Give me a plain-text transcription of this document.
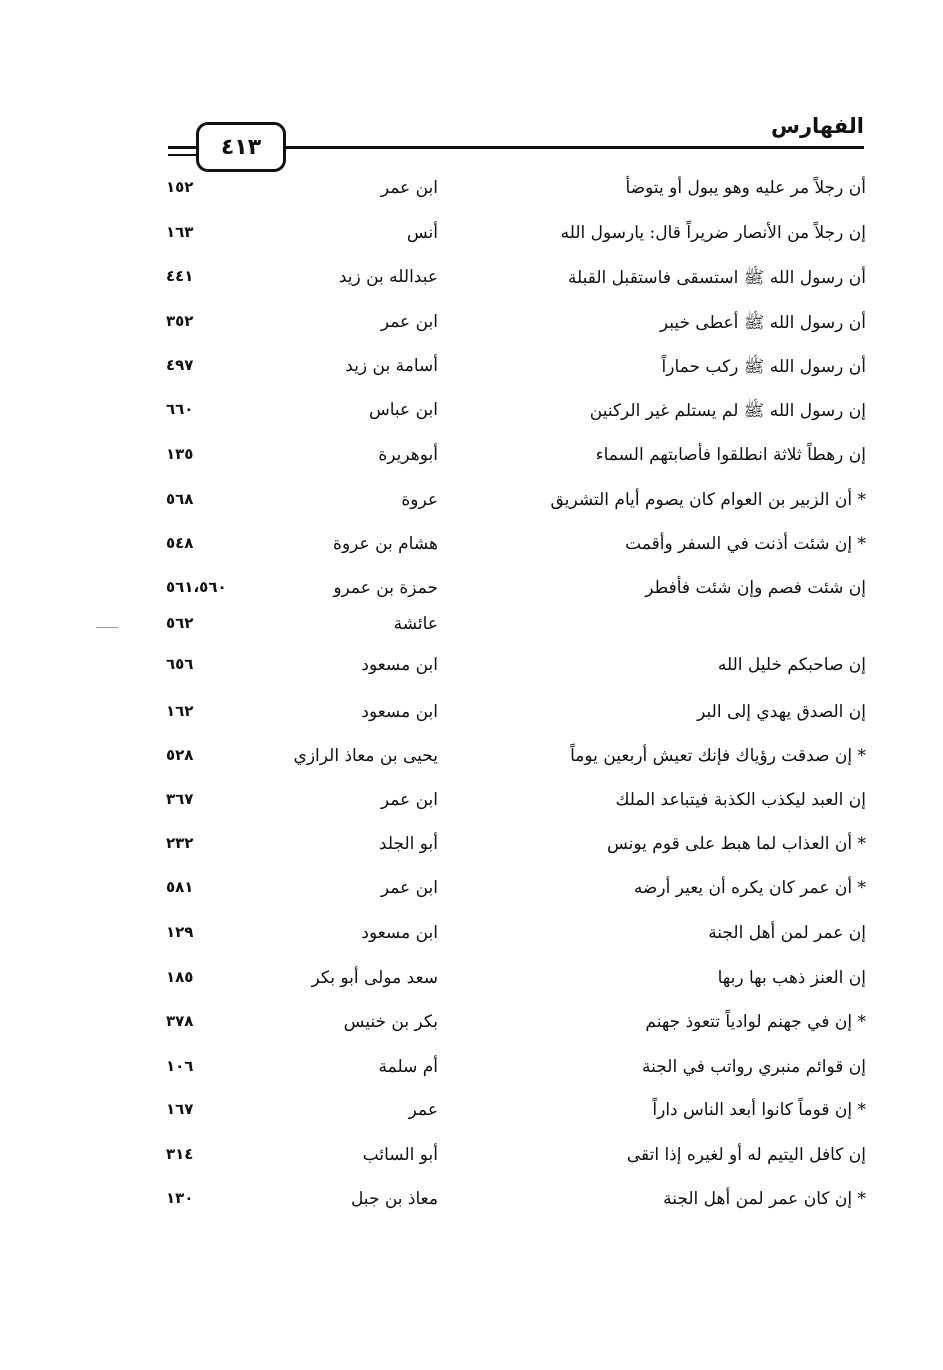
الفهارس
٤١٣
أن رجلاً مر عليه وهو يبول أو يتوضأ
ابن عمر
١٥٢
إن رجلاً من الأنصار ضريراً قال: يارسول الله
أنس
١٦٣
أن رسول الله ﷺ استسقى فاستقبل القبلة
عبدالله بن زيد
٤٤١
أن رسول الله ﷺ أعطى خيبر
ابن عمر
٣٥٢
أن رسول الله ﷺ ركب حماراً
أسامة بن زيد
٤٩٧
إن رسول الله ﷺ لم يستلم غير الركنين
ابن عباس
٦٦٠
إن رهطاً ثلاثة انطلقوا فأصابتهم السماء
أبوهريرة
١٣٥
* أن الزبير بن العوام كان يصوم أيام التشريق
عروة
٥٦٨
* إن شئت أذنت في السفر وأقمت
هشام بن عروة
٥٤٨
إن شئت فصم وإن شئت فأفطر
حمزة بن عمرو
٥٦١،٥٦٠
عائشة
٥٦٢
إن صاحبكم خليل الله
ابن مسعود
٦٥٦
إن الصدق يهدي إلى البر
ابن مسعود
١٦٢
* إن صدقت رؤياك فإنك تعيش أربعين يوماً
يحيى بن معاذ الرازي
٥٢٨
إن العبد ليكذب الكذبة فيتباعد الملك
ابن عمر
٣٦٧
* أن العذاب لما هبط على قوم يونس
أبو الجلد
٢٣٢
* أن عمر كان يكره أن يعير أرضه
ابن عمر
٥٨١
إن عمر لمن أهل الجنة
ابن مسعود
١٢٩
إن العنز ذهب بها ربها
سعد مولى أبو بكر
١٨٥
* إن في جهنم لوادياً تتعوذ جهنم
بكر بن خنيس
٣٧٨
إن قوائم منبري رواتب في الجنة
أم سلمة
١٠٦
* إن قوماً كانوا أبعد الناس داراً
عمر
١٦٧
إن كافل اليتيم له أو لغيره إذا اتقى
أبو السائب
٣١٤
* إن كان عمر لمن أهل الجنة
معاذ بن جبل
١٣٠
